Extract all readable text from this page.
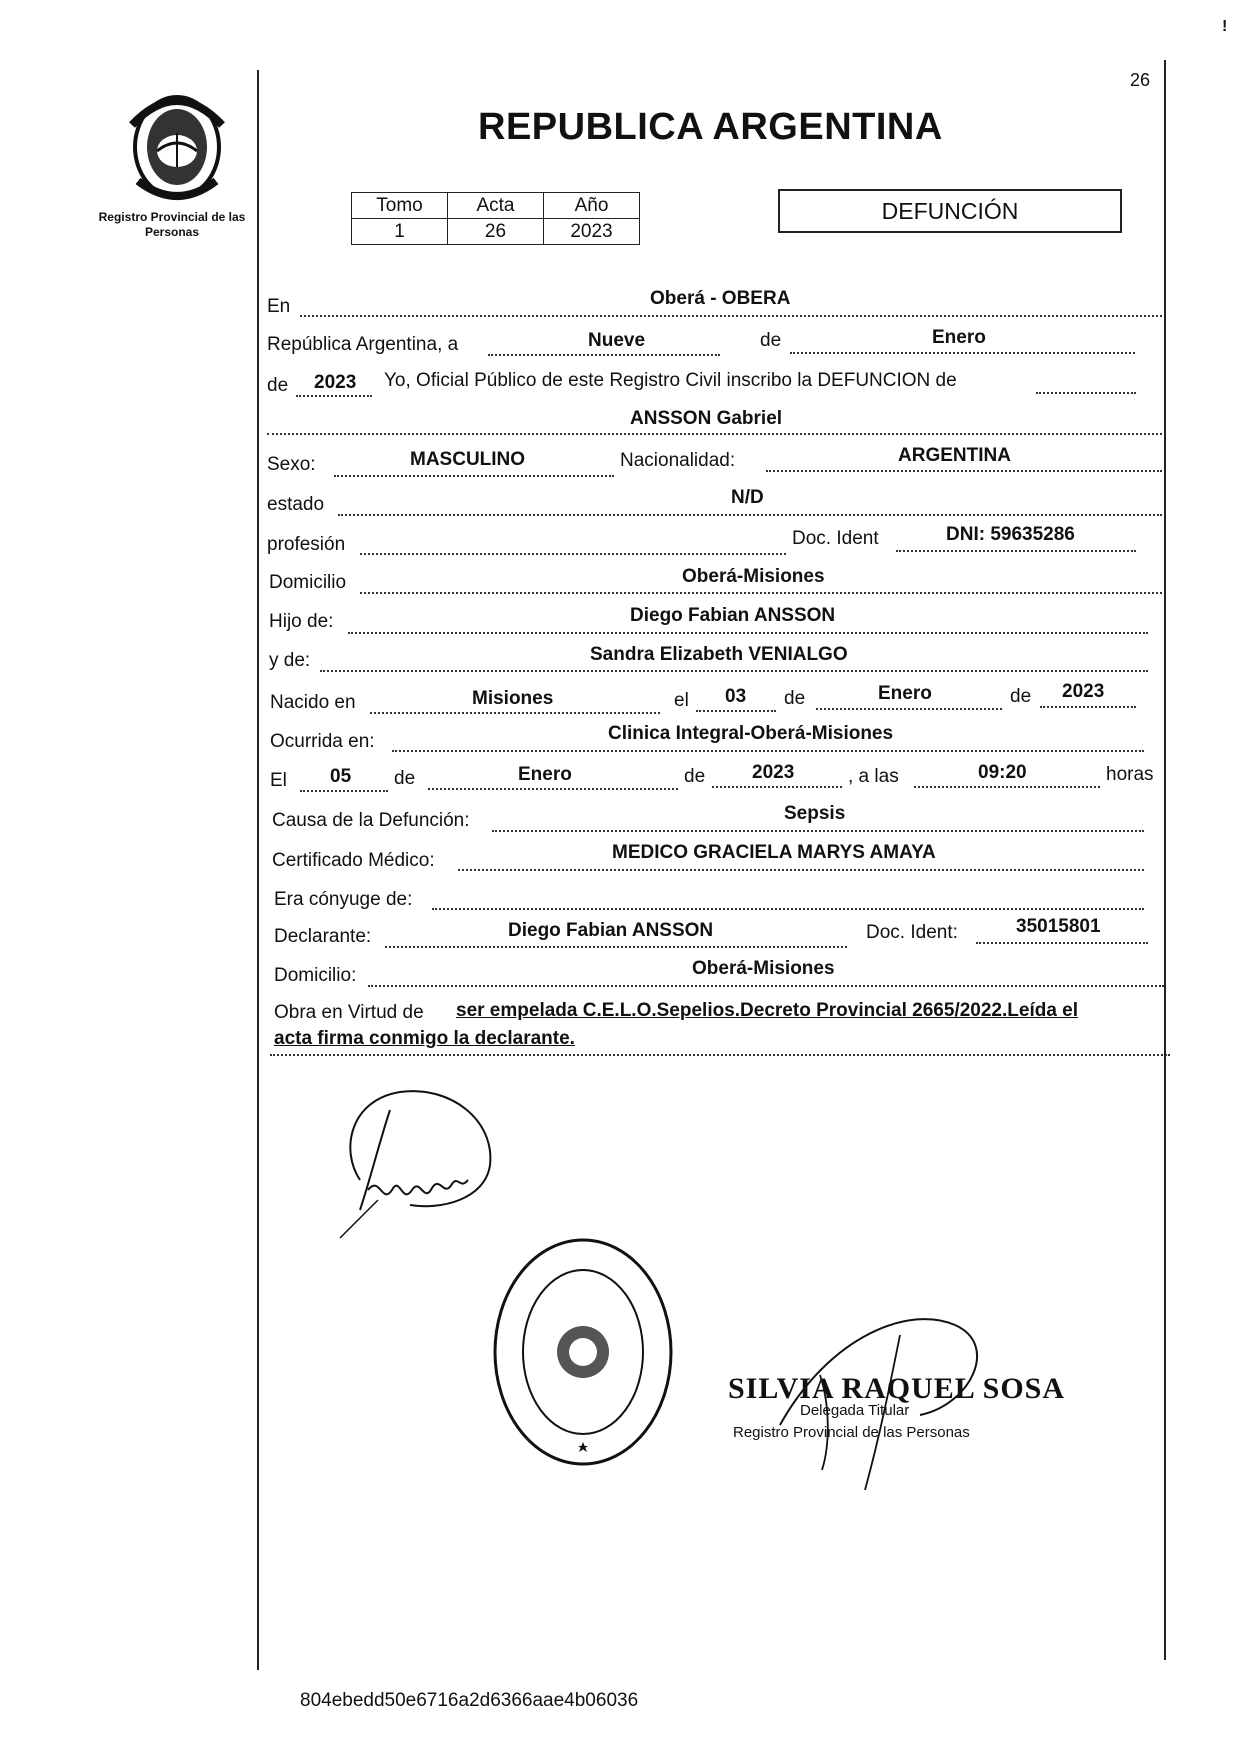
!
26
Registro Provincial de las Personas
REPUBLICA ARGENTINA
Tomo	Acta	Año
1	26	2023
DEFUNCIÓN
En	Oberá - OBERA
República Argentina, a	Nueve	de	Enero
de 2023 Yo, Oficial Público de este Registro Civil inscribo la DEFUNCION de
ANSSON Gabriel
Sexo:	MASCULINO	Nacionalidad:	ARGENTINA
estado	N/D
profesión	Doc. Ident	DNI: 59635286
Domicilio	Oberá-Misiones
Hijo de:	Diego Fabian ANSSON
y de:	Sandra Elizabeth VENIALGO
Nacido en	Misiones	el 03 de	Enero	de 2023
Ocurrida en:	Clinica Integral-Oberá-Misiones
El 05 de	Enero	de 2023	, a las	09:20	horas
Causa de la Defunción:	Sepsis
Certificado Médico:	MEDICO GRACIELA MARYS AMAYA
Era cónyuge de:
Declarante:	Diego Fabian ANSSON	Doc. Ident:	35015801
Domicilio:	Oberá-Misiones
Obra en Virtud de ser empelada C.E.L.O.Sepelios.Decreto Provincial 2665/2022.Leída el
acta firma conmigo la declarante.
SILVIA RAQUEL SOSA
Delegada Titular
Registro Provincial de las Personas
804ebedd50e6716a2d6366aae4b06036
